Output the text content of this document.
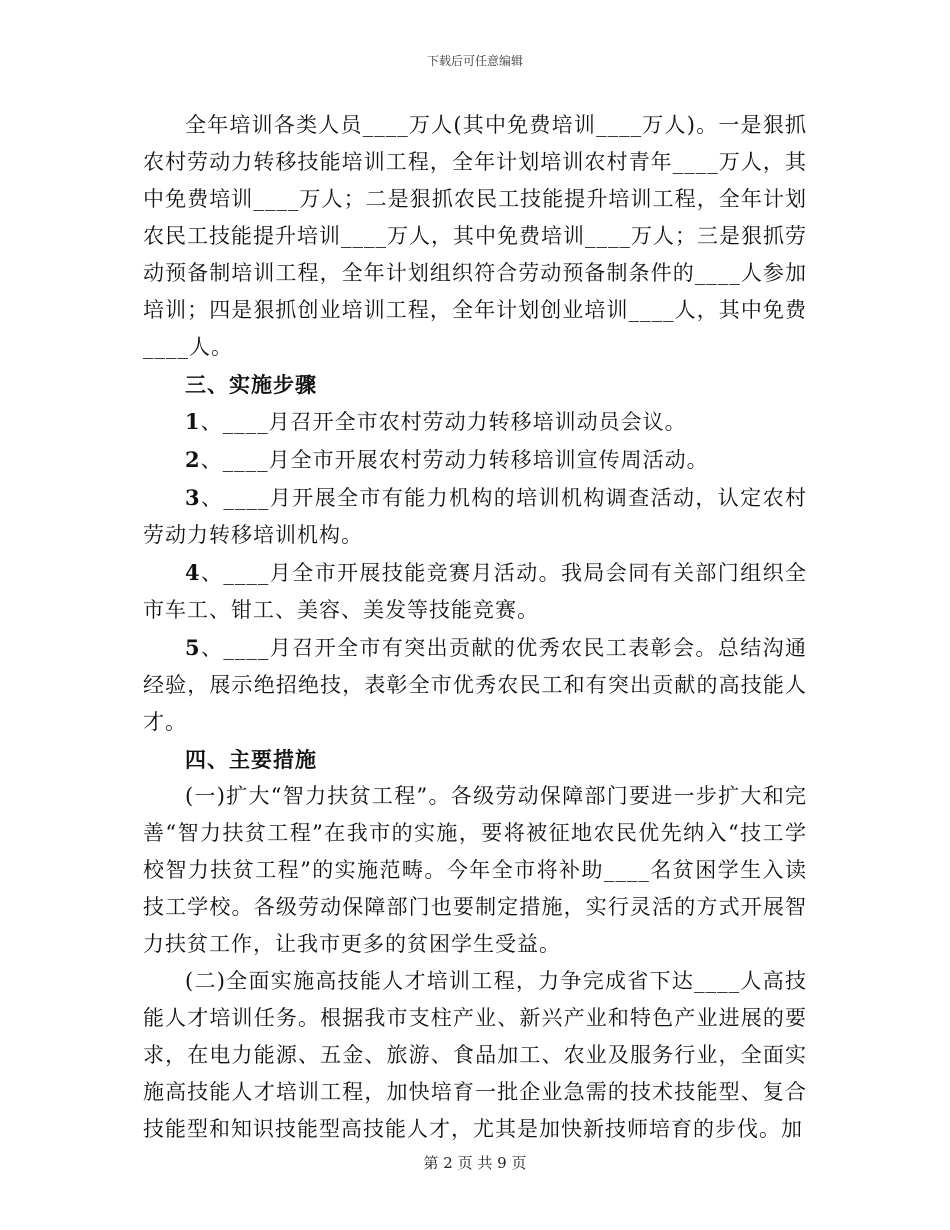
下载后可任意编辑

全年培训各类人员____万人(其中免费培训____万人)。一是狠抓农村劳动力转移技能培训工程，全年计划培训农村青年____万人，其中免费培训____万人；二是狠抓农民工技能提升培训工程，全年计划农民工技能提升培训____万人，其中免费培训____万人；三是狠抓劳动预备制培训工程，全年计划组织符合劳动预备制条件的____人参加培训；四是狠抓创业培训工程，全年计划创业培训____人，其中免费____人。

三、实施步骤

1、____月召开全市农村劳动力转移培训动员会议。

2、____月全市开展农村劳动力转移培训宣传周活动。

3、____月开展全市有能力机构的培训机构调查活动，认定农村劳动力转移培训机构。

4、____月全市开展技能竞赛月活动。我局会同有关部门组织全市车工、钳工、美容、美发等技能竞赛。

5、____月召开全市有突出贡献的优秀农民工表彰会。总结沟通经验，展示绝招绝技，表彰全市优秀农民工和有突出贡献的高技能人才。

四、主要措施

(一)扩大“智力扶贫工程”。各级劳动保障部门要进一步扩大和完善“智力扶贫工程”在我市的实施，要将被征地农民优先纳入“技工学校智力扶贫工程”的实施范畴。今年全市将补助____名贫困学生入读技工学校。各级劳动保障部门也要制定措施，实行灵活的方式开展智力扶贫工作，让我市更多的贫困学生受益。

(二)全面实施高技能人才培训工程，力争完成省下达____人高技能人才培训任务。根据我市支柱产业、新兴产业和特色产业进展的要求，在电力能源、五金、旅游、食品加工、农业及服务行业，全面实施高技能人才培训工程，加快培育一批企业急需的技术技能型、复合技能型和知识技能型高技能人才，尤其是加快新技师培育的步伐。加

第 2 页 共 9 页
